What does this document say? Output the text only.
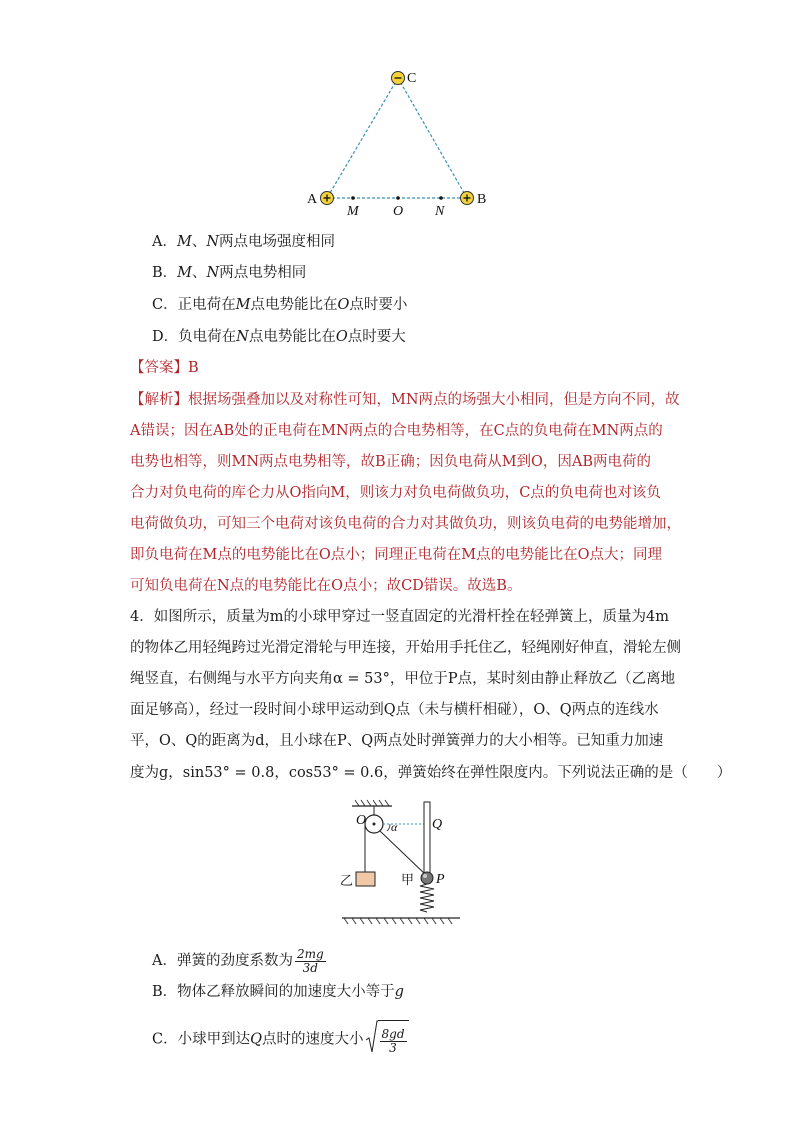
C
A	B
M O N
A．M、N两点电场强度相同
B．M、N两点电势相同
C．正电荷在M点电势能比在O点时要小
D．负电荷在N点电势能比在O点时要大
【答案】B
【解析】根据场强叠加以及对称性可知，MN两点的场强大小相同，但是方向不同，故
A错误；因在AB处的正电荷在MN两点的合电势相等，在C点的负电荷在MN两点的
电势也相等，则MN两点电势相等，故B正确；因负电荷从M到O，因AB两电荷的
合力对负电荷的库仑力从O指向M，则该力对负电荷做负功，C点的负电荷也对该负
电荷做负功，可知三个电荷对该负电荷的合力对其做负功，则该负电荷的电势能增加，
即负电荷在M点的电势能比在O点小；同理正电荷在M点的电势能比在O点大；同理
可知负电荷在N点的电势能比在O点小；故CD错误。故选B。
4．如图所示，质量为m的小球甲穿过一竖直固定的光滑杆拴在轻弹簧上，质量为4m
的物体乙用轻绳跨过光滑定滑轮与甲连接，开始用手托住乙，轻绳刚好伸直，滑轮左侧
绳竖直，右侧绳与水平方向夹角α = 53°，甲位于P点，某时刻由静止释放乙（乙离地
面足够高），经过一段时间小球甲运动到Q点（未与横杆相碰），O、Q两点的连线水
平，O、Q的距离为d，且小球在P、Q两点处时弹簧弹力的大小相等。已知重力加速
度为g，sin53° = 0.8，cos53° = 0.6，弹簧始终在弹性限度内。下列说法正确的是（　　）
O α Q
乙	甲 P
A．弹簧的劲度系数为 $\frac{2mg}{3d}$
B．物体乙释放瞬间的加速度大小等于g
C．小球甲到达Q点时的速度大小 $\frac{8gd}{3}$
